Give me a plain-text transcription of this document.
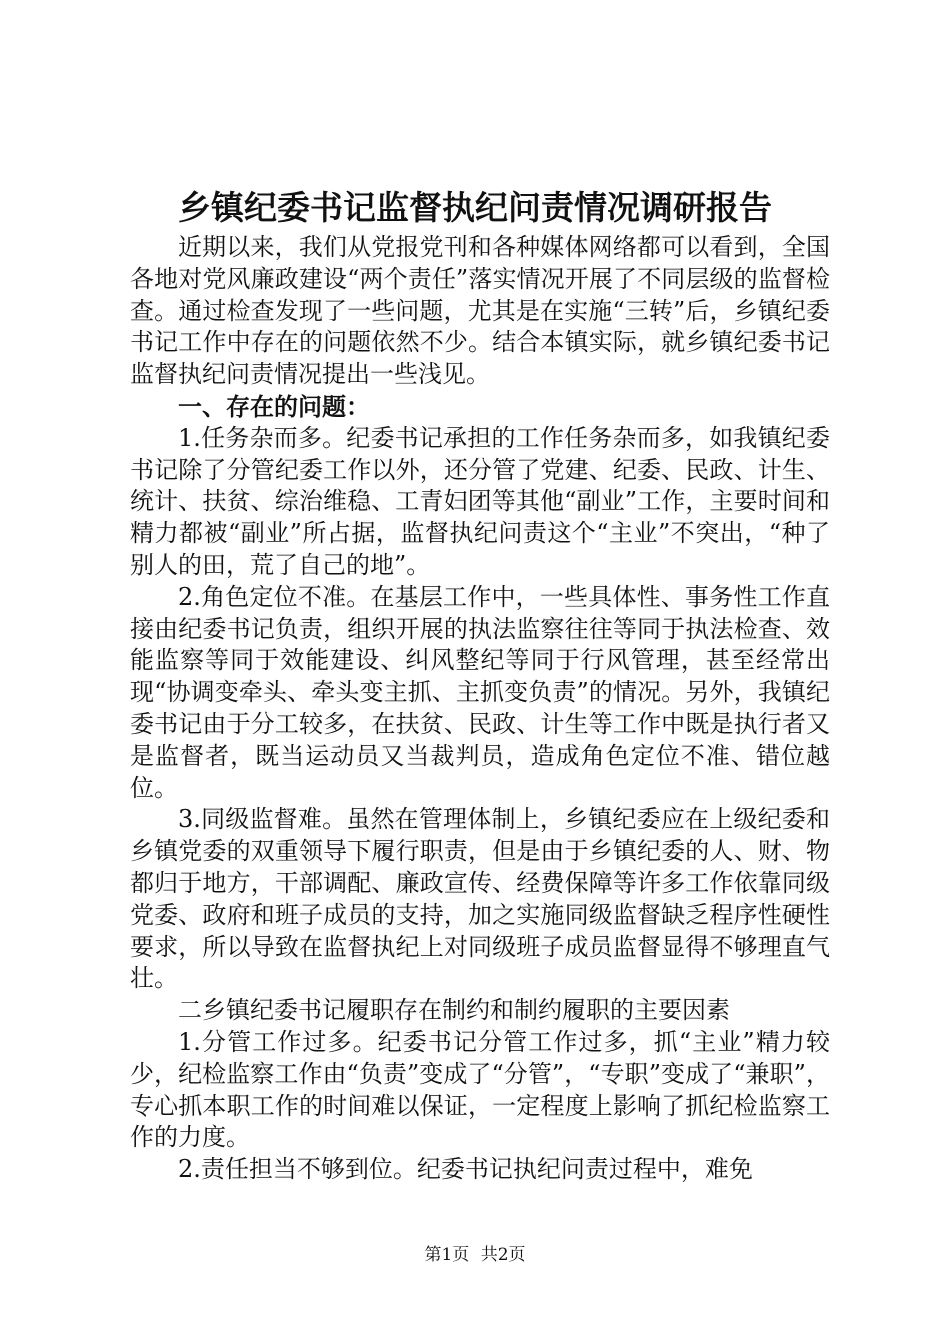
乡镇纪委书记监督执纪问责情况调研报告

近期以来，我们从党报党刊和各种媒体网络都可以看到，全国各地对党风廉政建设“两个责任”落实情况开展了不同层级的监督检查。通过检查发现了一些问题，尤其是在实施“三转”后，乡镇纪委书记工作中存在的问题依然不少。结合本镇实际，就乡镇纪委书记监督执纪问责情况提出一些浅见。

一、存在的问题：

1.任务杂而多。纪委书记承担的工作任务杂而多，如我镇纪委书记除了分管纪委工作以外，还分管了党建、纪委、民政、计生、统计、扶贫、综治维稳、工青妇团等其他“副业”工作，主要时间和精力都被“副业”所占据，监督执纪问责这个“主业”不突出，“种了别人的田，荒了自己的地”。

2.角色定位不准。在基层工作中，一些具体性、事务性工作直接由纪委书记负责，组织开展的执法监察往往等同于执法检查、效能监察等同于效能建设、纠风整纪等同于行风管理，甚至经常出现“协调变牵头、牵头变主抓、主抓变负责”的情况。另外，我镇纪委书记由于分工较多，在扶贫、民政、计生等工作中既是执行者又是监督者，既当运动员又当裁判员，造成角色定位不准、错位越位。

3.同级监督难。虽然在管理体制上，乡镇纪委应在上级纪委和乡镇党委的双重领导下履行职责，但是由于乡镇纪委的人、财、物都归于地方，干部调配、廉政宣传、经费保障等许多工作依靠同级党委、政府和班子成员的支持，加之实施同级监督缺乏程序性硬性要求，所以导致在监督执纪上对同级班子成员监督显得不够理直气壮。

二乡镇纪委书记履职存在制约和制约履职的主要因素

1.分管工作过多。纪委书记分管工作过多，抓“主业”精力较少，纪检监察工作由“负责”变成了“分管”，“专职”变成了“兼职”，专心抓本职工作的时间难以保证，一定程度上影响了抓纪检监察工作的力度。

2.责任担当不够到位。纪委书记执纪问责过程中，难免

第1页 共2页
